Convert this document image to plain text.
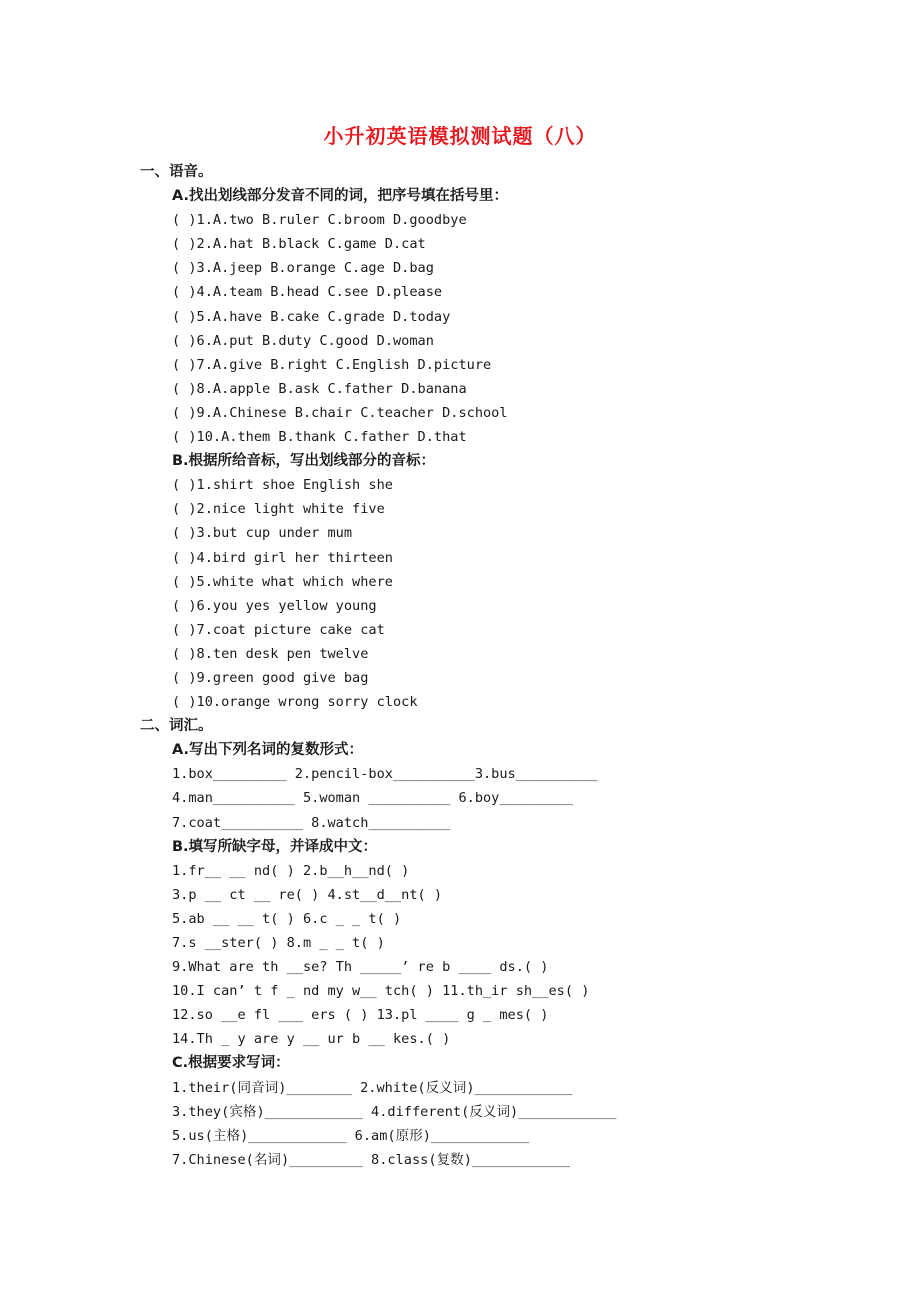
小升初英语模拟测试题（八）
一、语音。
A.找出划线部分发音不同的词，把序号填在括号里：
( )1.A.two B.ruler C.broom D.goodbye
( )2.A.hat B.black C.game D.cat
( )3.A.jeep B.orange C.age D.bag
( )4.A.team B.head C.see D.please
( )5.A.have B.cake C.grade D.today
( )6.A.put B.duty C.good D.woman
( )7.A.give B.right C.English D.picture
( )8.A.apple B.ask C.father D.banana
( )9.A.Chinese B.chair C.teacher D.school
( )10.A.them B.thank C.father D.that
B.根据所给音标，写出划线部分的音标：
( )1.shirt shoe English she
( )2.nice light white five
( )3.but cup under mum
( )4.bird girl her thirteen
( )5.white what which where
( )6.you yes yellow young
( )7.coat picture cake cat
( )8.ten desk pen twelve
( )9.green good give bag
( )10.orange wrong sorry clock
二、词汇。
A.写出下列名词的复数形式：
1.box_________ 2.pencil-box__________3.bus__________
4.man__________ 5.woman __________ 6.boy_________
7.coat__________ 8.watch__________
B.填写所缺字母，并译成中文：
1.fr__ __ nd( ) 2.b__h__nd( )
3.p __ ct __ re( ) 4.st__d__nt( )
5.ab __ __ t( ) 6.c _ _ t( )
7.s __ster( ) 8.m _ _ t( )
9.What are th __se? Th _____’ re b ____ ds.( )
10.I can’ t f _ nd my w__ tch( ) 11.th_ir sh__es( )
12.so __e fl ___ ers ( ) 13.pl ____ g _ mes( )
14.Th _ y are y __ ur b __ kes.( )
C.根据要求写词：
1.their(同音词)________ 2.white(反义词)____________
3.they(宾格)____________ 4.different(反义词)____________
5.us(主格)____________ 6.am(原形)____________
7.Chinese(名词)_________ 8.class(复数)____________
